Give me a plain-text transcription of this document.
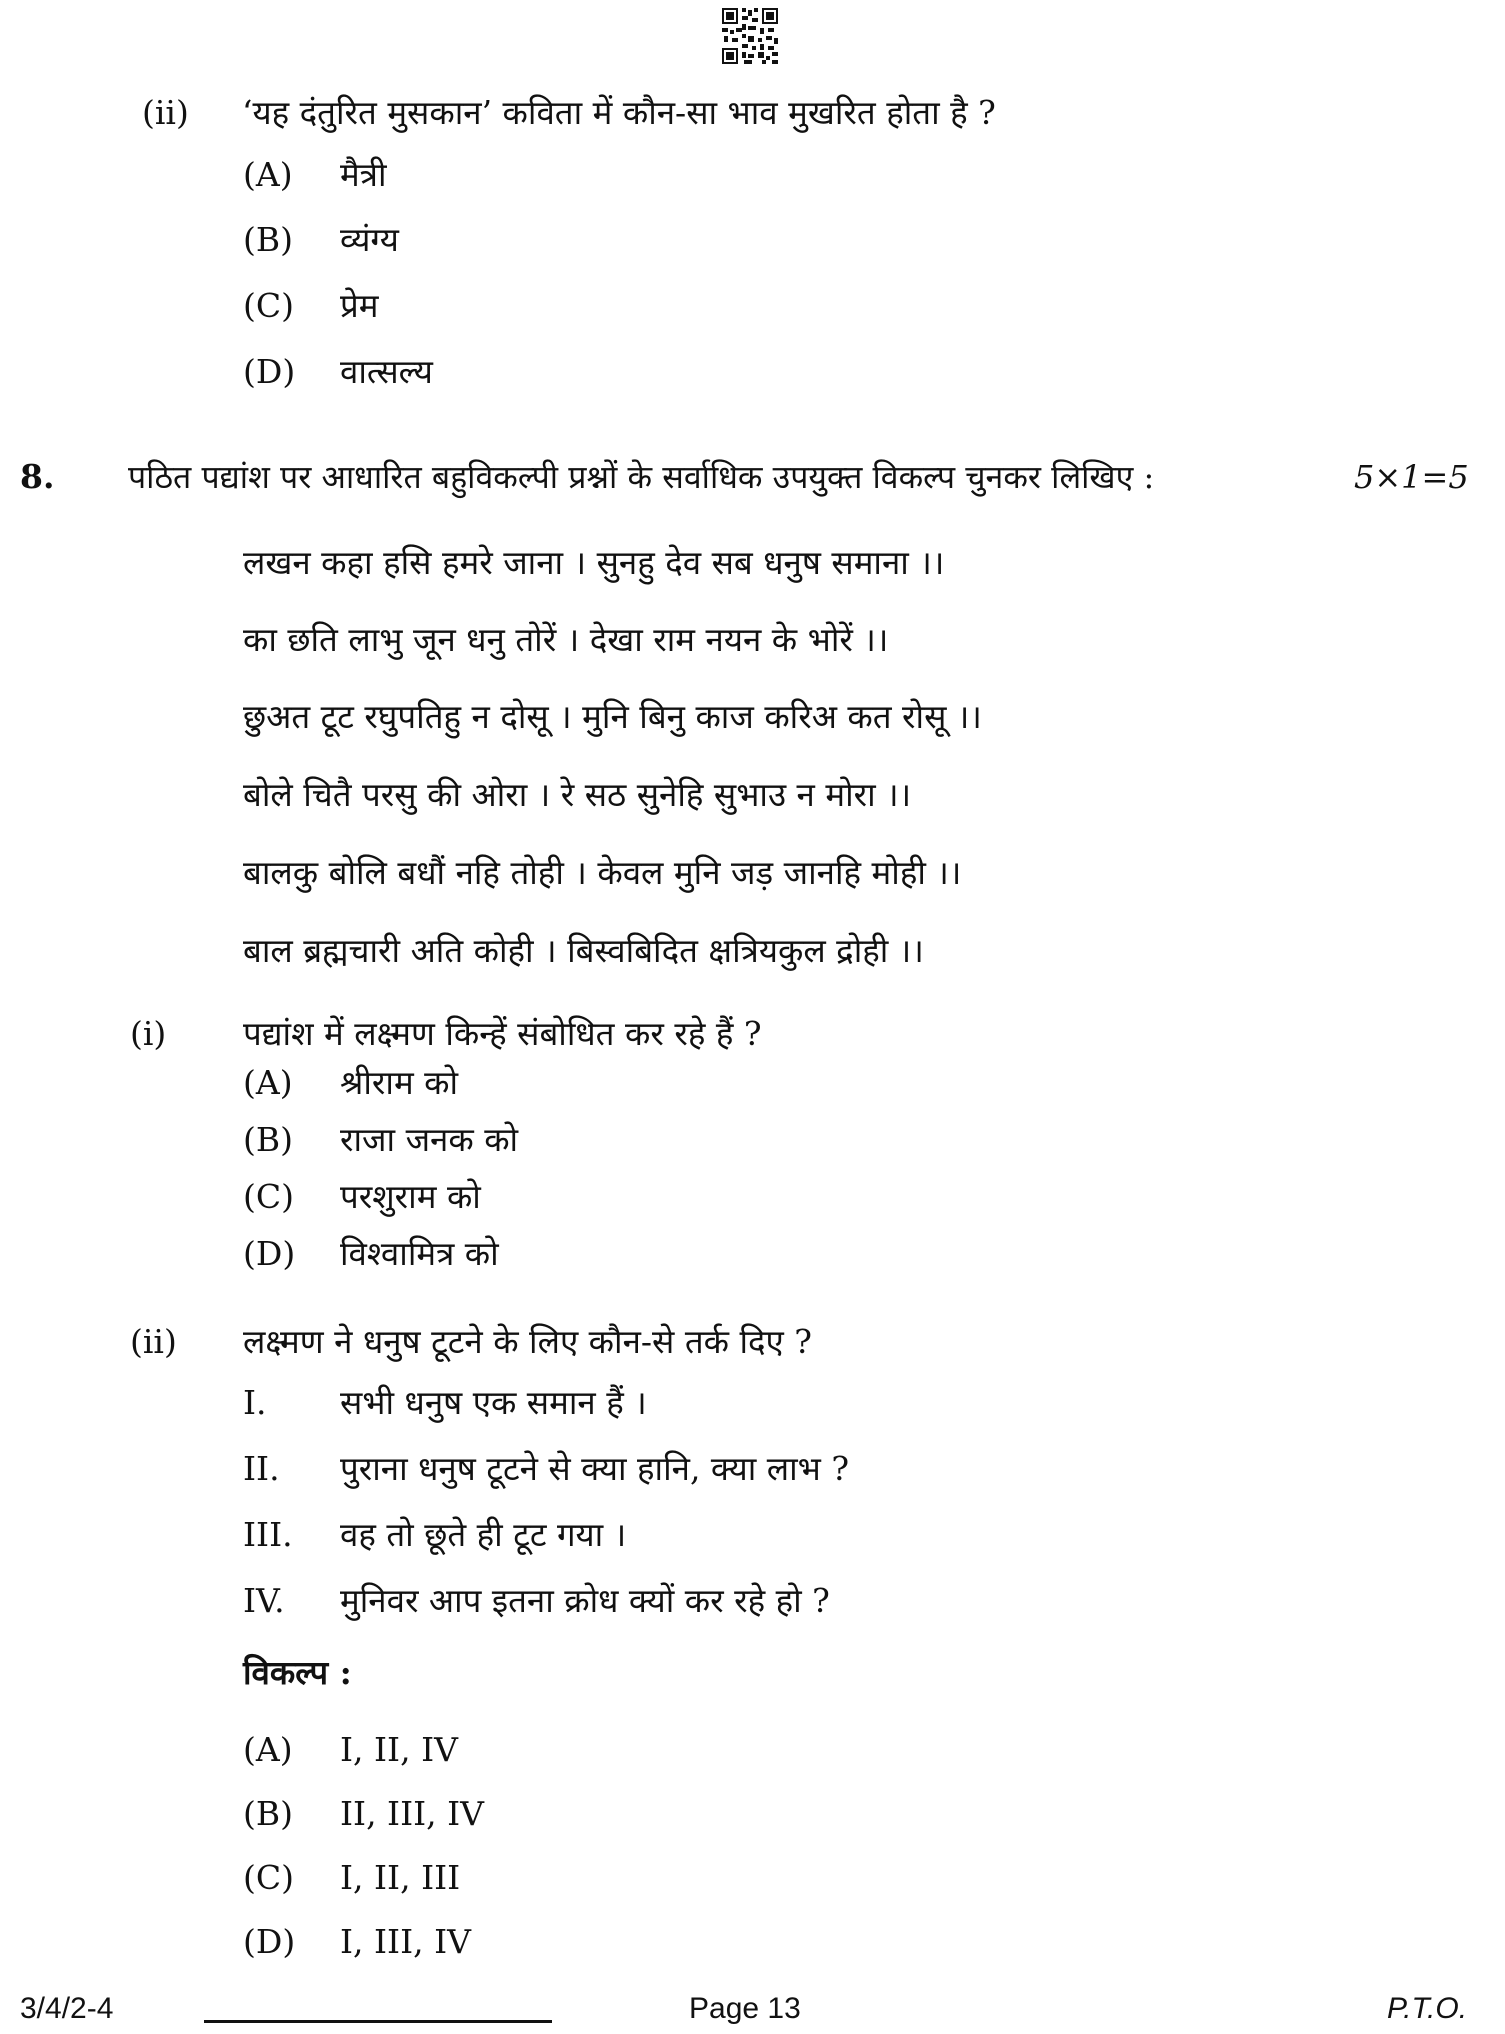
(ii) ‘यह दंतुरित मुसकान’ कविता में कौन-सा भाव मुखरित होता है ?
(A) मैत्री
(B) व्यंग्य
(C) प्रेम
(D) वात्सल्य
8. पठित पद्यांश पर आधारित बहुविकल्पी प्रश्नों के सर्वाधिक उपयुक्त विकल्प चुनकर लिखिए :	5×1=5
लखन कहा हसि हमरे जाना । सुनहु देव सब धनुष समाना ।।
का छति लाभु जून धनु तोरें । देखा राम नयन के भोरें ।।
छुअत टूट रघुपतिहु न दोसू । मुनि बिनु काज करिअ कत रोसू ।।
बोले चितै परसु की ओरा । रे सठ सुनेहि सुभाउ न मोरा ।।
बालकु बोलि बधौं नहि तोही । केवल मुनि जड़ जानहि मोही ।।
बाल ब्रह्मचारी अति कोही । बिस्वबिदित क्षत्रियकुल द्रोही ।।
(i) पद्यांश में लक्ष्मण किन्हें संबोधित कर रहे हैं ?
(A) श्रीराम को
(B) राजा जनक को
(C) परशुराम को
(D) विश्वामित्र को
(ii) लक्ष्मण ने धनुष टूटने के लिए कौन-से तर्क दिए ?
I. सभी धनुष एक समान हैं ।
II. पुराना धनुष टूटने से क्या हानि, क्या लाभ ?
III. वह तो छूते ही टूट गया ।
IV. मुनिवर आप इतना क्रोध क्यों कर रहे हो ?
विकल्प :
(A) I, II, IV
(B) II, III, IV
(C) I, II, III
(D) I, III, IV
3/4/2-4	Page 13	P.T.O.
